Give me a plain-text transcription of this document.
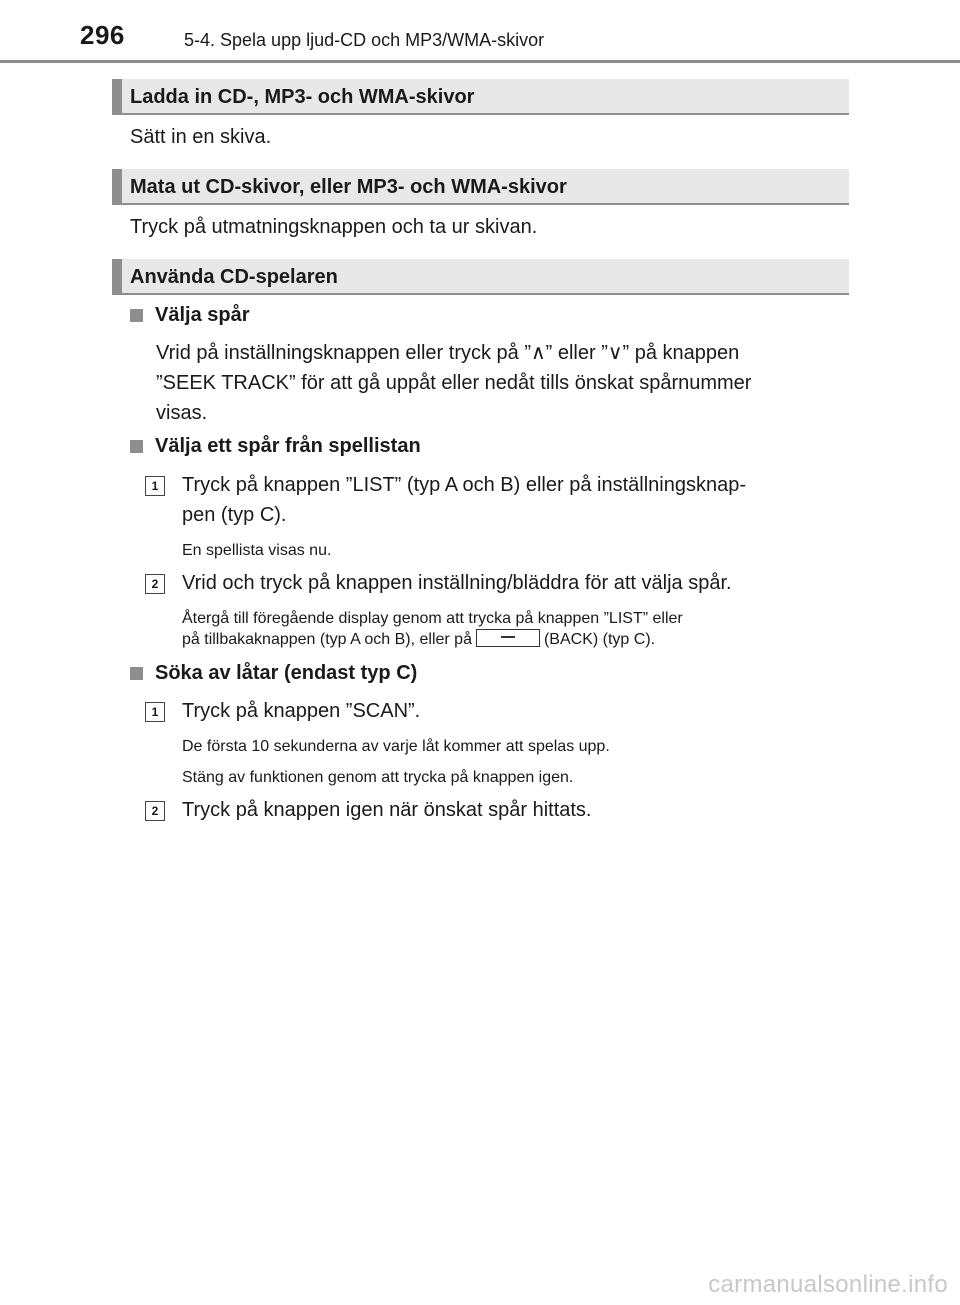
296	5-4. Spela upp ljud-CD och MP3/WMA-skivor
Ladda in CD-, MP3- och WMA-skivor
Sätt in en skiva.
Mata ut CD-skivor, eller MP3- och WMA-skivor
Tryck på utmatningsknappen och ta ur skivan.
Använda CD-spelaren
Välja spår
Vrid på inställningsknappen eller tryck på ”∧” eller ”∨” på knappen
”SEEK TRACK” för att gå uppåt eller nedåt tills önskat spårnummer
visas.
Välja ett spår från spellistan
1	Tryck på knappen ”LIST” (typ A och B) eller på inställningsknap-
pen (typ C).
En spellista visas nu.
2	Vrid och tryck på knappen inställning/bläddra för att välja spår.
Återgå till föregående display genom att trycka på knappen ”LIST” eller
på tillbakaknappen (typ A och B), eller på	(BACK) (typ C).
Söka av låtar (endast typ C)
1	Tryck på knappen ”SCAN”.
De första 10 sekunderna av varje låt kommer att spelas upp.
Stäng av funktionen genom att trycka på knappen igen.
2	Tryck på knappen igen när önskat spår hittats.
carmanualsonline.info
